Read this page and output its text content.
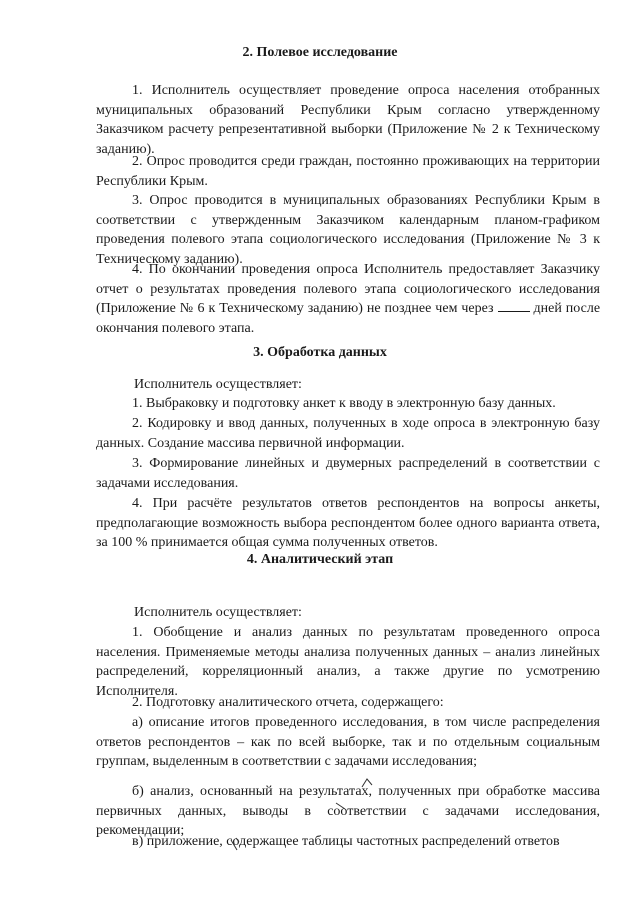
2. Полевое исследование
1. Исполнитель осуществляет проведение опроса населения отобранных муниципальных образований Республики Крым согласно утвержденному Заказчиком расчету репрезентативной выборки (Приложение № 2 к Техническому заданию).
2. Опрос проводится среди граждан, постоянно проживающих на территории Республики Крым.
3. Опрос проводится в муниципальных образованиях Республики Крым в соответствии с утвержденным Заказчиком календарным планом-графиком проведения полевого этапа социологического исследования (Приложение № 3 к Техническому заданию).
4. По окончании проведения опроса Исполнитель предоставляет Заказчику отчет о результатах проведения полевого этапа социологического исследования (Приложение № 6 к Техническому заданию) не позднее чем через	дней после окончания полевого этапа.
3. Обработка данных
Исполнитель осуществляет:
1. Выбраковку и подготовку анкет к вводу в электронную базу данных.
2. Кодировку и ввод данных, полученных в ходе опроса в электронную базу данных. Создание массива первичной информации.
3. Формирование линейных и двумерных распределений в соответствии с задачами исследования.
4. При расчёте результатов ответов респондентов на вопросы анкеты, предполагающие возможность выбора респондентом более одного варианта ответа, за 100 % принимается общая сумма полученных ответов.
4. Аналитический этап
Исполнитель осуществляет:
1. Обобщение и анализ данных по результатам проведенного опроса населения. Применяемые методы анализа полученных данных – анализ линейных распределений, корреляционный анализ, а также другие по усмотрению Исполнителя.
2. Подготовку аналитического отчета, содержащего:
а) описание итогов проведенного исследования, в том числе распределения ответов респондентов – как по всей выборке, так и по отдельным социальным группам, выделенным в соответствии с задачами исследования;
б) анализ, основанный на результатах, полученных при обработке массива первичных данных, выводы в соответствии с задачами исследования, рекомендации;
в) приложение, содержащее таблицы частотных распределений ответов
